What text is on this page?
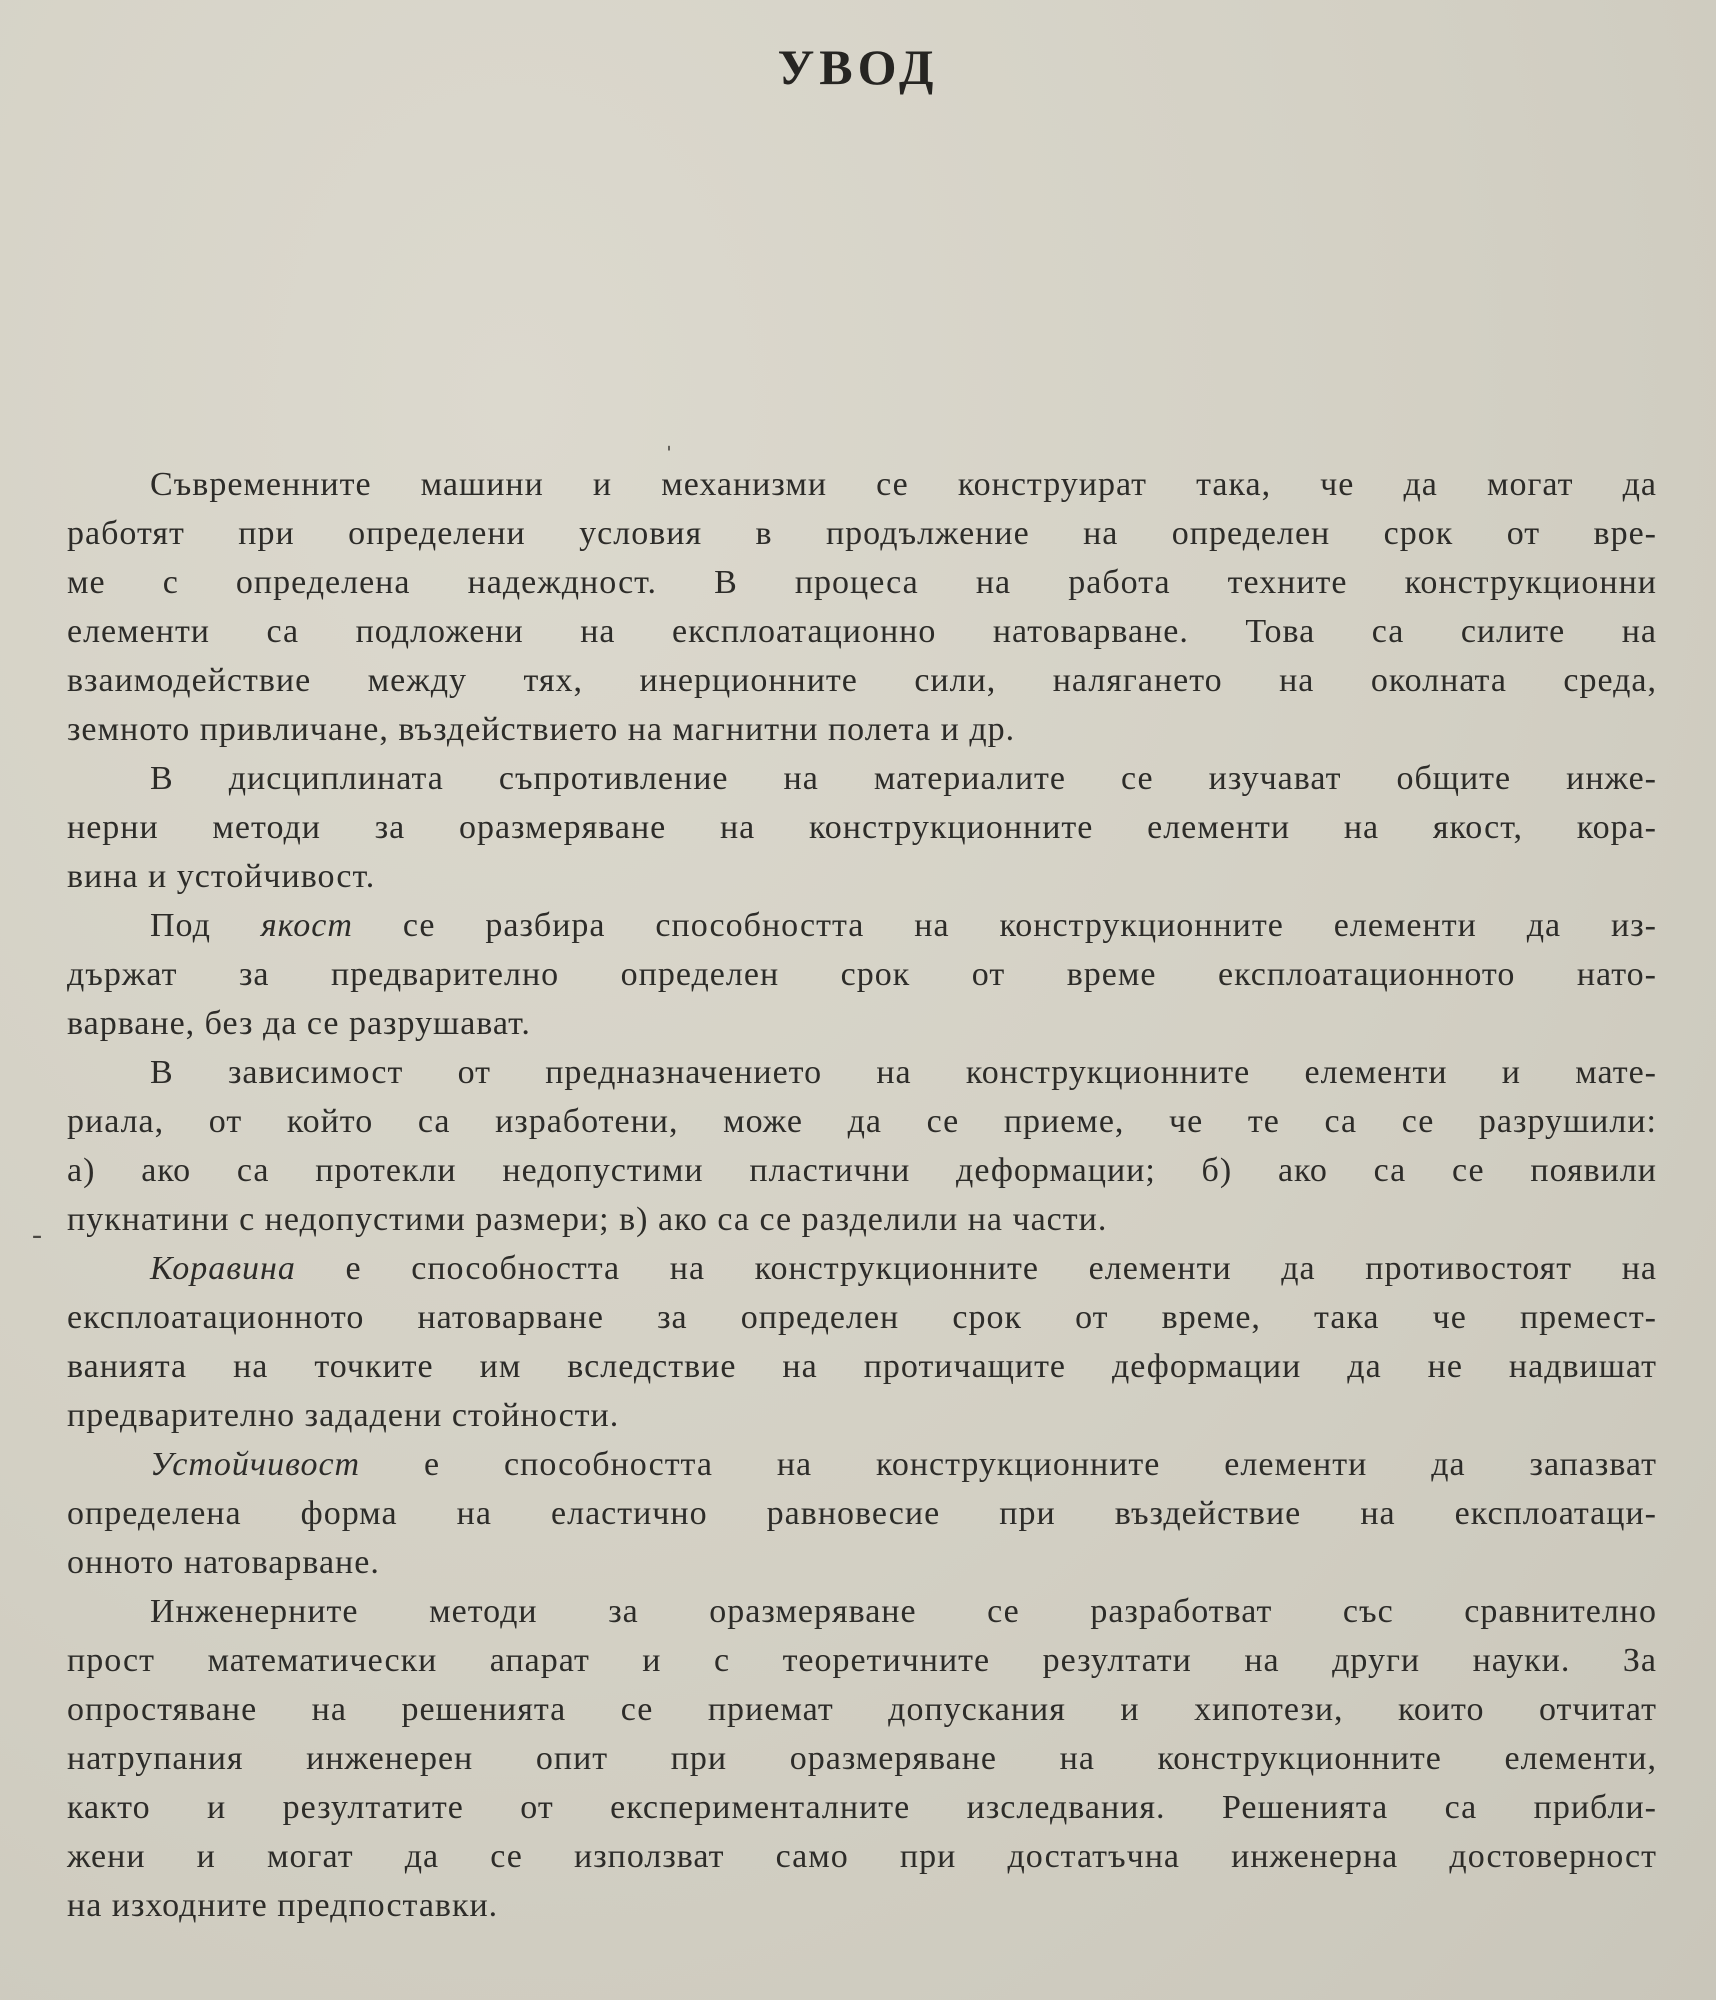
УВОД
ˌ
-
Съвременните машини и механизми се конструират така, че да могат да
работят при определени условия в продължение на определен срок от вре-
ме с определена надеждност. В процеса на работа техните конструкционни
елементи са подложени на експлоатационно натоварване. Това са силите на
взаимодействие между тях, инерционните сили, налягането на околната среда,
земното привличане, въздействието на магнитни полета и др.
В дисциплината съпротивление на материалите се изучават общите инже-
нерни методи за оразмеряване на конструкционните елементи на якост, кора-
вина и устойчивост.
Под якост се разбира способността на конструкционните елементи да из-
държат за предварително определен срок от време експлоатационното нато-
варване, без да се разрушават.
В зависимост от предназначението на конструкционните елементи и мате-
риала, от който са изработени, може да се приеме, че те са се разрушили:
а) ако са протекли недопустими пластични деформации; б) ако са се появили
пукнатини с недопустими размери; в) ако са се разделили на части.
Коравина е способността на конструкционните елементи да противостоят на
експлоатационното натоварване за определен срок от време, така че премест-
ванията на точките им вследствие на протичащите деформации да не надвишат
предварително зададени стойности.
Устойчивост е способността на конструкционните елементи да запазват
определена форма на еластично равновесие при въздействие на експлоатаци-
онното натоварване.
Инженерните методи за оразмеряване се разработват със сравнително
прост математически апарат и с теоретичните резултати на други науки. За
опростяване на решенията се приемат допускания и хипотези, които отчитат
натрупания инженерен опит при оразмеряване на конструкционните елементи,
както и резултатите от експерименталните изследвания. Решенията са прибли-
жени и могат да се използват само при достатъчна инженерна достоверност
на изходните предпоставки.
